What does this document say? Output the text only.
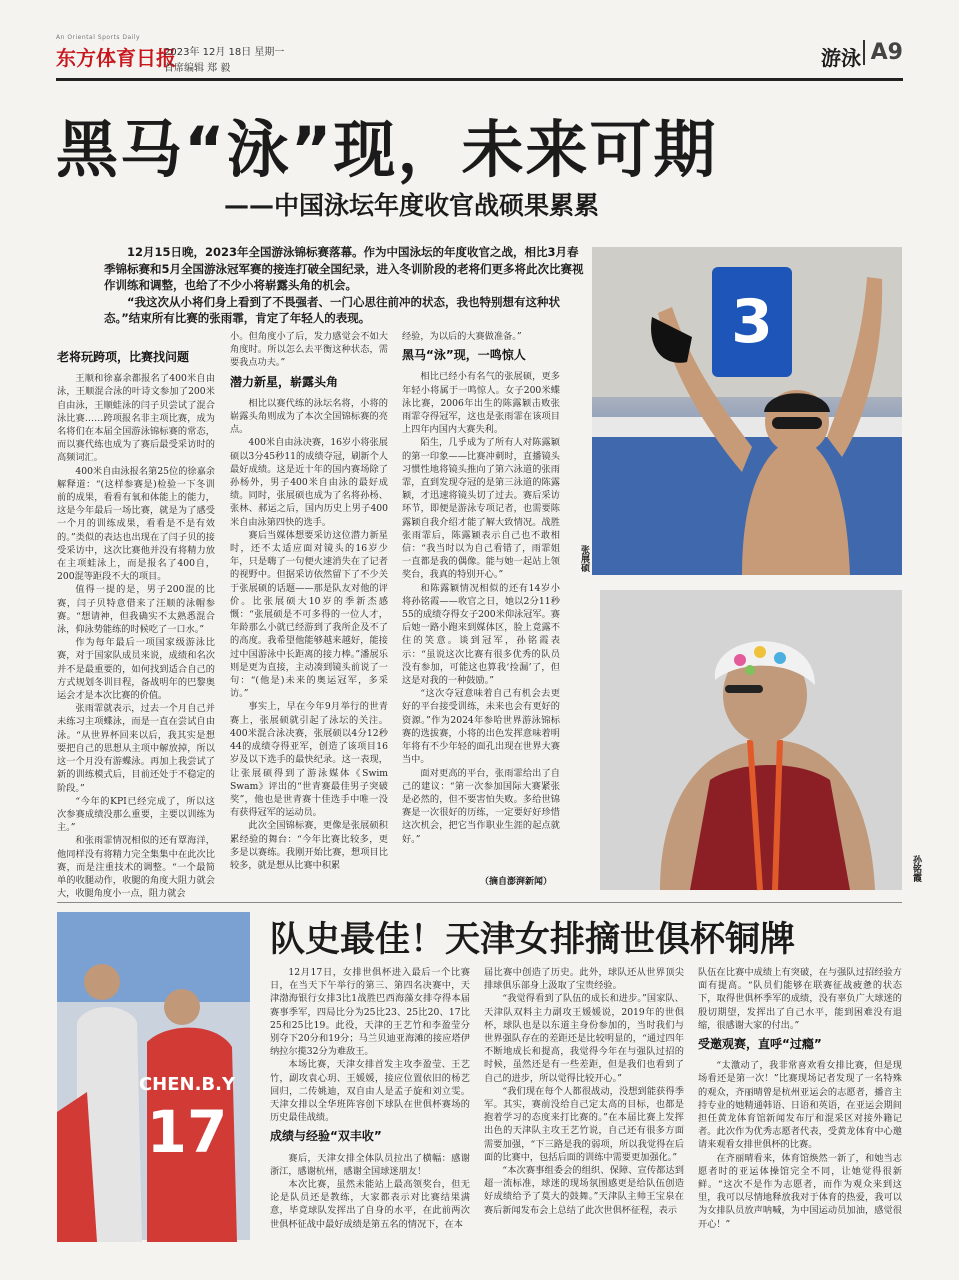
An Oriental Sports Daily
东方体育日报
2023年 12月 18日 星期一
首席编辑 郑 毅	游泳 A9
黑马“泳”现，未来可期
——中国泳坛年度收官战硕果累累

12月15日晚，2023年全国游泳锦标赛落幕。作为中国泳坛的年度收官之战，相比3月春季锦标赛和5月全国游泳冠军赛的接连打破全国纪录，进入冬训阶段的老将们更多将此次比赛视作训练和调整，也给了不少小将崭露头角的机会。

“我这次从小将们身上看到了不畏强者、一门心思往前冲的状态，我也特别想有这种状态。”结束所有比赛的张雨霏，肯定了年轻人的表现。

老将玩跨项，比赛找问题

王顺和徐嘉余都报名了400米自由泳，王顺混合泳的叶诗文参加了200米自由泳，王顺蛙泳的闫子贝尝试了混合泳比赛……跨项报名非主项比赛，成为名将们在本届全国游泳锦标赛的常态，而以赛代练也成为了赛后最受采访时的高频词汇。

400米自由泳报名第25位的徐嘉余解释道：“(这样参赛是)检验一下冬训前的成果，看看有氧和体能上的能力，这是今年最后一场比赛，就是为了感受一个月的训练成果，看看是不是有效的。”类似的表达也出现在了闫子贝的接受采访中，这次比赛他并没有将精力放在主项蛙泳上，而是报名了400自，200混等距段不大的项目。

值得一提的是，男子200混的比赛，闫子贝特意借来了汪顺的泳帽参赛。“想请神，但我确实不太熟悉混合泳，仰泳势能练的时候吃了一口水。”

作为每年最后一项国家级游泳比赛，对于国家队成员来说，成绩和名次并不是最重要的，如何找到适合自己的方式规划冬训目程，备战明年的巴黎奥运会才是本次比赛的价值。

张雨霏就表示，过去一个月自己并未练习主项蝶泳，而是一直在尝试自由泳。“从世界杯回来以后，我其实是想要把自己的思想从主项中解放掉，所以这一个月没有游蝶泳。再加上我尝试了新的训练模式后，目前还处于不稳定的阶段。”

“今年的KPI已经完成了，所以这次参赛成绩没那么重要，主要以训练为主。”

和张雨霏情况相似的还有覃海洋，他同样没有将精力完全集集中在此次比赛，而是注重技术的调整。“一个最简单的收腿动作，收腿的角度大阻力就会大，收腿角度小一点，阻力就会

小。但角度小了后，发力感觉会不如大角度时。所以怎么去平衡这种状态，需要我点功夫。”

潜力新星，崭露头角

相比以赛代练的泳坛名将，小将的崭露头角则成为了本次全国锦标赛的亮点。

400米自由泳决赛，16岁小将张展硕以3分45秒11的成绩夺冠，刷新个人最好成绩。这是近十年的国内赛场除了孙杨外，男子400米自由泳的最好成绩。同时，张展硕也成为了名将孙杨、张林、郝运之后，国内历史上男子400米自由泳第四快的选手。

赛后当媒体想要采访这位潜力新星时，还不太适应面对镜头的16岁少年，只是嗨了一句便火速消失在了记者的视野中。但据采访依然留下了不少关于张展硕的话题——那是队友对他的评价。比张展硕大10岁的季新杰感慨：“张展硕是不可多得的一位人才，年龄那么小就已经游到了我所企及不了的高度。我希望他能够越来越好，能接过中国游泳中长距离的接力棒。”潘展乐则是更为直接，主动凑到镜头前说了一句：“(他是)未来的奥运冠军，多采访。”

事实上，早在今年9月举行的世青赛上，张展硕就引起了泳坛的关注。400米混合泳决赛，张展硕以4分12秒44的成绩夺得亚军，创造了该项目16岁及以下选手的最快纪录。这一表现，让张展硕得到了游泳媒体《Swim Swam》评出的“世青赛最佳男子突破奖”，他也是世青赛十佳选手中唯一没有获得冠军的运动员。

此次全国锦标赛，更像是张展硕积累经验的舞台：“今年比赛比较多，更多是以赛练。我刚开始比赛，想项目比较多，就是想从比赛中积累

经验，为以后的大赛做准备。”

黑马“泳”现，一鸣惊人

相比已经小有名气的张展硕，更多年轻小将属于一鸣惊人。女子200米蝶泳比赛，2006年出生的陈露颖击败张雨霏夺得冠军，这也是张雨霏在该项目上四年内国内大赛失利。

陌生，几乎成为了所有人对陈露颖的第一印象——比赛冲刺时，直播镜头习惯性地将镜头推向了第六泳道的张雨霏，直到发现夺冠的是第三泳道的陈露颖，才迅速将镜头切了过去。赛后采访环节，即便是游泳专项记者，也需要陈露颖自我介绍才能了解大致情况。战胜张雨霏后，陈露颖表示自己也不敢相信：“我当时以为自己看错了，雨霏姐一直都是我的偶像。能与她一起站上领奖台，我真的特别开心。”

和陈露颖情况相似的还有14岁小将孙铭霞——收官之日，她以2分11秒55的成绩夺得女子200米仰泳冠军。赛后她一路小跑来到媒体区，脸上竟露不住的笑意。谈到冠军，孙铭霞表示：“虽说这次比赛有很多优秀的队员没有参加，可能这也算我‘捡漏’了，但这是对我的一种鼓励。”

“这次夺冠意味着自己有机会去更好的平台接受训练，未来也会有更好的资源。”作为2024年参哈世界游泳锦标赛的选拔赛，小将的出色发挥意味着明年将有不少年轻的面孔出现在世界大赛当中。

面对更高的平台，张雨霏给出了自己的建议：“第一次参加国际大赛紧张是必然的，但不要害怕失败。多给世锦赛是一次很好的历练，一定要好好珍惜这次机会，把它当作职业生涯的起点就好。”

（摘自澎湃新闻）
3
张展硕
孙铭霞
CHEN.B.Y
17
队史最佳！天津女排摘世俱杯铜牌

12月17日，女排世俱杯进入最后一个比赛日，在当天下午举行的第三、第四名决赛中，天津渤海银行女排3比1战胜巴西海藻女排夺得本届赛事季军，四局比分为25比23、25比20、17比25和25比19。此役，天津的王艺竹和李盈莹分别夺下20分和19分；马兰贝迪亚海滩的接应塔伊纳拉尔揽32分为难敌王。

本场比赛，天津女排首发主攻李盈莹、王艺竹，副攻袁心玥、王媛媛，接应位置依旧的杨艺回归，二传姚迪，双自由人是孟子旋和刘立雯。天津女排以全华班阵容创下球队在世俱杯赛场的历史最佳战绩。

成绩与经验“双丰收”

赛后，天津女排全体队员拉出了横幅：感谢浙江，感谢杭州，感谢全国球迷朋友！

本次比赛，虽然未能站上最高领奖台，但无论是队员还是教练，大家都表示对比赛结果满意，毕竟球队发挥出了自身的水平，在此前两次世俱杯征战中最好成绩是第五名的情况下，在本

届比赛中创造了历史。此外，球队还从世界顶尖排球俱乐部身上汲取了宝贵经验。

“我觉得看到了队伍的成长和进步。”国家队、天津队双料主力副攻王媛媛说，2019年的世俱杯，球队也是以东道主身份参加的，当时我们与世界强队存在的差距还是比较明显的，“通过四年不断地成长和提高，我觉得今年在与强队过招的时候，虽然还是有一些差距，但是我们也看到了自己的进步，所以觉得比较开心。”

“我们现在每个人都很战动，没想到能获得季军。其实，赛前没给自己定太高的目标，也都是抱着学习的态度来打比赛的。”在本届比赛上发挥出色的天津队主攻王艺竹说，自己还有很多方面需要加强，“下三路是我的弱项，所以我觉得在后面的比赛中，包括后面的训练中需要更加强化。”

“本次赛事组委会的组织、保障、宣传都达到超一流标准，球迷的现场氛围感更是给队伍创造好成绩给予了莫大的鼓舞。”天津队主帅王宝泉在赛后新闻发布会上总结了此次世俱杯征程，表示

队伍在比赛中成绩上有突破，在与强队过招经验方面有提高。“队员们能够在联赛征战疲惫的状态下，取得世俱杯季军的成绩，没有辜负广大球迷的殷切期望，发挥出了自己水平，能到困难没有退缩，很感谢大家的付出。”

受邀观赛，直呼“过瘾”

“太激动了，我非常喜欢看女排比赛，但是现场看还是第一次！”比赛现场记者发现了一名特殊的观众，齐丽晴曾是杭州亚运会的志愿者，播音主持专业的她精通韩语、日语和英语，在亚运会期间担任黄龙体育馆新闻发布厅和混采区对接外籍记者。此次作为优秀志愿者代表，受黄龙体育中心邀请来观看女排世俱杯的比赛。

在齐丽晴看来，体育馆焕然一新了，和她当志愿者时的亚运体操馆完全不同，让她觉得很新鲜。“这次不是作为志愿者，而作为观众来到这里，我可以尽情地释放我对于体育的热爱，我可以为女排队员放声呐喊，为中国运动员加油，感觉很开心！”
